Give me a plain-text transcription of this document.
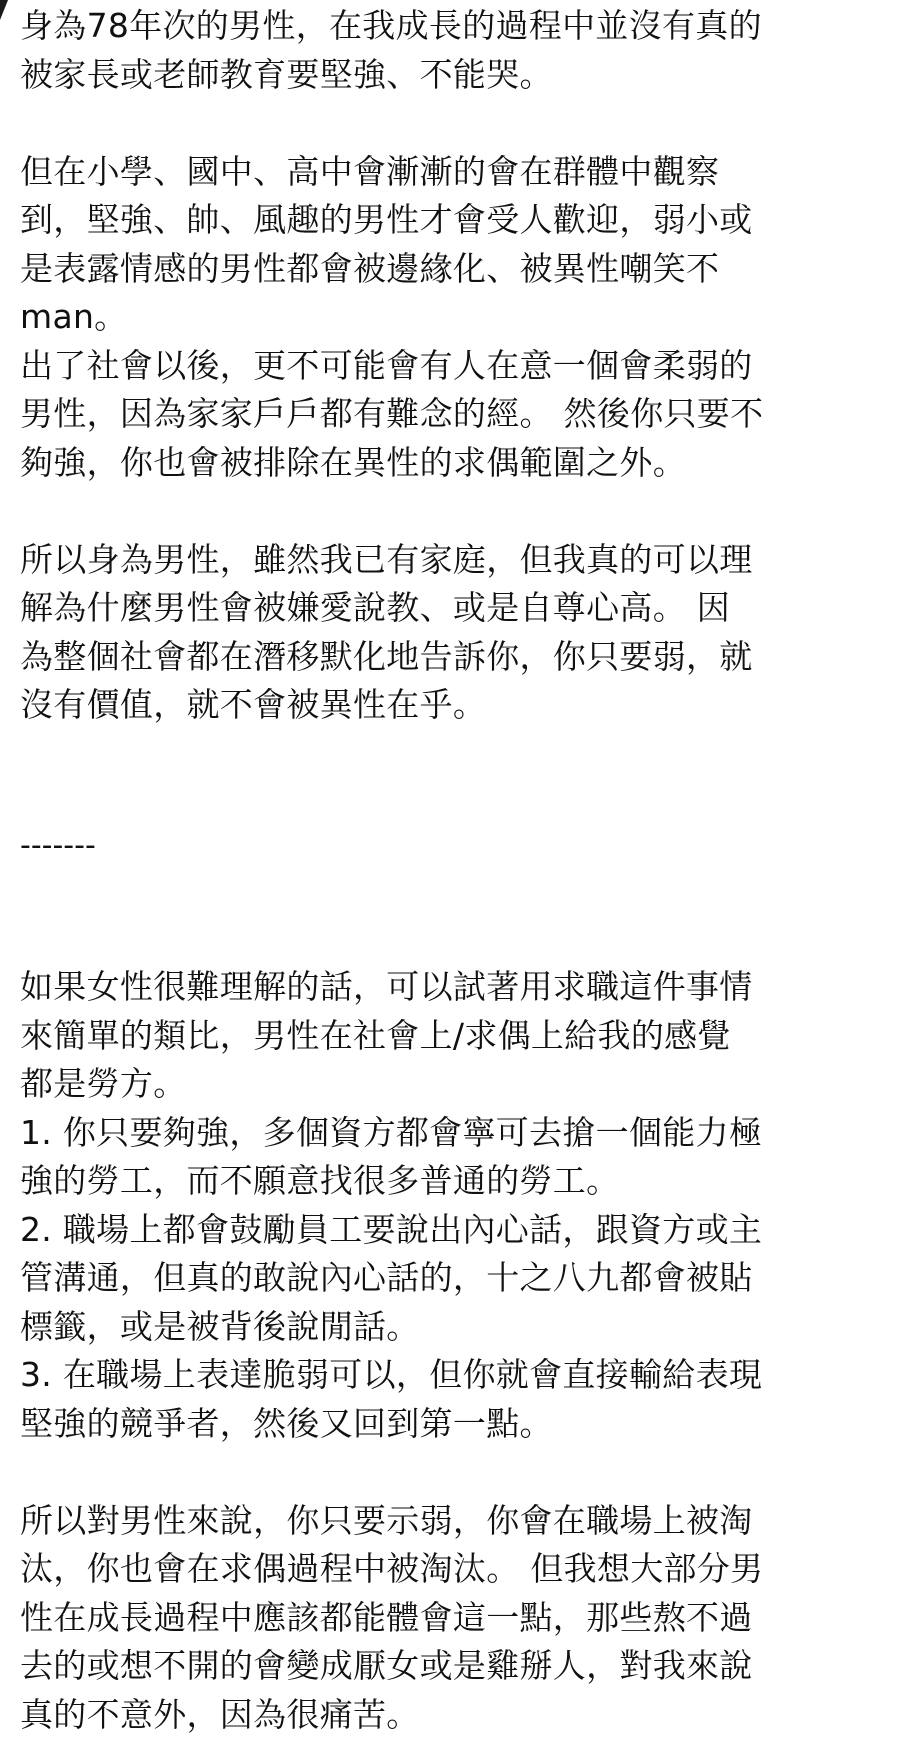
身為78年次的男性，在我成長的過程中並沒有真的
被家長或老師教育要堅強、不能哭。
但在小學、國中、高中會漸漸的會在群體中觀察
到，堅強、帥、風趣的男性才會受人歡迎，弱小或
是表露情感的男性都會被邊緣化、被異性嘲笑不
man。
出了社會以後，更不可能會有人在意一個會柔弱的
男性，因為家家戶戶都有難念的經。 然後你只要不
夠強，你也會被排除在異性的求偶範圍之外。
所以身為男性，雖然我已有家庭，但我真的可以理
解為什麼男性會被嫌愛說教、或是自尊心高。 因
為整個社會都在潛移默化地告訴你，你只要弱，就
沒有價值，就不會被異性在乎。
-------
如果女性很難理解的話，可以試著用求職這件事情
來簡單的類比，男性在社會上/求偶上給我的感覺
都是勞方。
1. 你只要夠強，多個資方都會寧可去搶一個能力極
強的勞工，而不願意找很多普通的勞工。
2. 職場上都會鼓勵員工要說出內心話，跟資方或主
管溝通，但真的敢說內心話的，十之八九都會被貼
標籤，或是被背後說閒話。
3. 在職場上表達脆弱可以，但你就會直接輸給表現
堅強的競爭者，然後又回到第一點。
所以對男性來說，你只要示弱，你會在職場上被淘
汰，你也會在求偶過程中被淘汰。 但我想大部分男
性在成長過程中應該都能體會這一點，那些熬不過
去的或想不開的會變成厭女或是雞掰人，對我來說
真的不意外，因為很痛苦。
